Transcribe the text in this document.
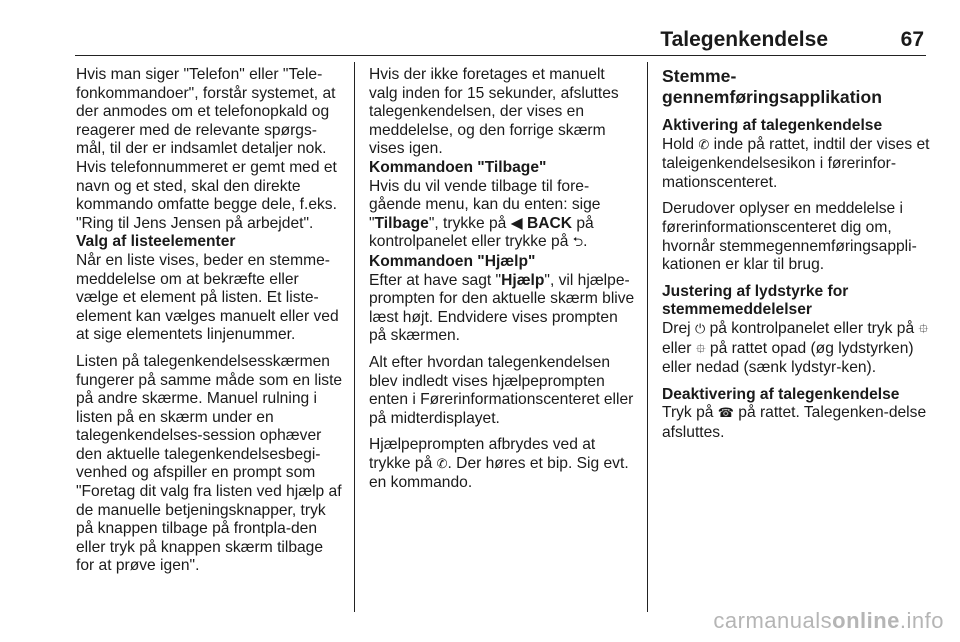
Talegenkendelse	67

Hvis man siger "Telefon" eller "Tele-fonkommandoer", forstår systemet, at der anmodes om et telefonopkald og reagerer med de relevante spørgs-mål, til der er indsamlet detaljer nok. Hvis telefonnummeret er gemt med et navn og et sted, skal den direkte kommando omfatte begge dele, f.eks. "Ring til Jens Jensen på arbejdet".

Valg af listeelementer

Når en liste vises, beder en stemme-meddelelse om at bekræfte eller vælge et element på listen. Et liste-element kan vælges manuelt eller ved at sige elementets linjenummer.

Listen på talegenkendelsesskærmen fungerer på samme måde som en liste på andre skærme. Manuel rulning i listen på en skærm under en talegenkendelses-session ophæver den aktuelle talegenkendelsesbegi-venhed og afspiller en prompt som "Foretag dit valg fra listen ved hjælp af de manuelle betjeningsknapper, tryk på knappen tilbage på frontpla-den eller tryk på knappen skærm tilbage for at prøve igen".

Hvis der ikke foretages et manuelt valg inden for 15 sekunder, afsluttes talegenkendelsen, der vises en meddelelse, og den forrige skærm vises igen.

Kommandoen "Tilbage"

Hvis du vil vende tilbage til fore-gående menu, kan du enten: sige "Tilbage", trykke på ◀ BACK på kontrolpanelet eller trykke på ⮌.

Kommandoen "Hjælp"

Efter at have sagt "Hjælp", vil hjælpe-prompten for den aktuelle skærm blive læst højt. Endvidere vises prompten på skærmen.

Alt efter hvordan talegenkendelsen blev indledt vises hjælpeprompten enten i Førerinformationscenteret eller på midterdisplayet.

Hjælpeprompten afbrydes ved at trykke på ✆. Der høres et bip. Sig evt. en kommando.

Stemme-gennemføringsapplikation

Aktivering af talegenkendelse

Hold ✆ inde på rattet, indtil der vises et taleigenkendelsesikon i førerinfor-mationscenteret.

Derudover oplyser en meddelelse i førerinformationscenteret dig om, hvornår stemmegennemføringsappli-kationen er klar til brug.

Justering af lydstyrke for stemmemeddelelser

Drej ⏻ på kontrolpanelet eller tryk på ⯐ eller ⯐ på rattet opad (øg lydstyrken) eller nedad (sænk lydstyr-ken).

Deaktivering af talegenkendelse

Tryk på ☎ på rattet. Talegenken-delse afsluttes.

carmanualsonline.info
